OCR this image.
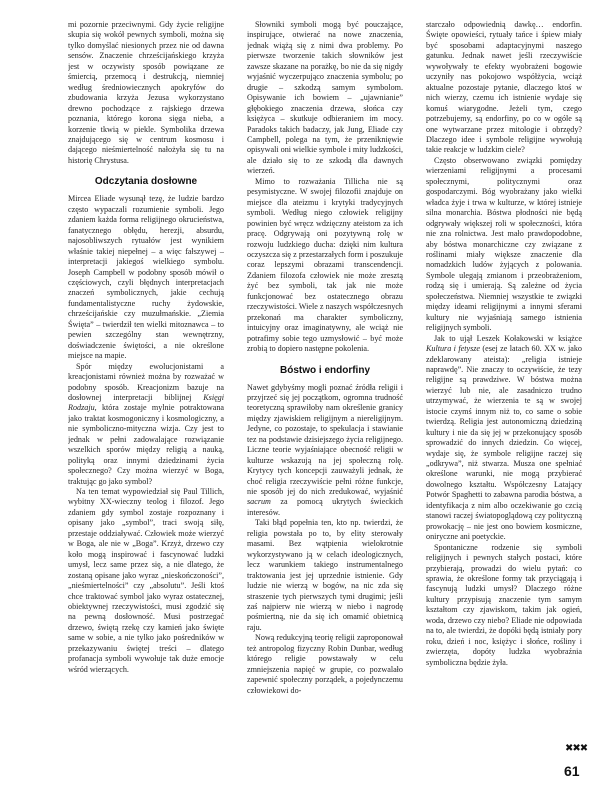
mi pozornie przeciwnymi. Gdy życie religijne skupia się wokół pewnych symboli, można się tylko domyślać niesionych przez nie od dawna sensów. Znaczenie chrześcijańskiego krzyża jest w oczywisty sposób powiązane ze śmiercią, przemocą i destrukcją, niemniej według średniowiecznych apokryfów do zbudowania krzyża Jezusa wykorzystano drewno pochodzące z rajskiego drzewa poznania, którego korona sięga nieba, a korzenie tkwią w piekle. Symbolika drzewa znajdującego się w centrum kosmosu i dającego nieśmiertelność nałożyła się tu na historię Chrystusa.

Odczytania dosłowne

Mircea Eliade wysunął tezę, że ludzie bardzo często wypaczali rozumienie symboli. Jego zdaniem każda forma religijnego okrucieństwa, fanatycznego obłędu, herezji, absurdu, najosobliwszych rytuałów jest wynikiem właśnie takiej niepełnej – a więc fałszywej – interpretacji jakiegoś wielkiego symbolu. Joseph Campbell w podobny sposób mówił o częściowych, czyli błędnych interpretacjach znaczeń symbolicznych, jakie cechują fundamentalistyczne ruchy żydowskie, chrześcijańskie czy muzułmańskie. „Ziemia Święta” – twierdził ten wielki mitoznawca – to pewien szczególny stan wewnętrzny, doświadczenie świętości, a nie określone miejsce na mapie.

Spór między ewolucjonistami a kreacjonistami również można by rozważać w podobny sposób. Kreacjonizm bazuje na dosłownej interpretacji biblijnej Księgi Rodzaju, która zostaje mylnie potraktowana jako traktat kosmogoniczny i kosmologiczny, a nie symboliczno-mityczna wizja. Czy jest to jednak w pełni zadowalające rozwiązanie wszelkich sporów między religią a nauką, polityką oraz innymi dziedzinami życia społecznego? Czy można wierzyć w Boga, traktując go jako symbol?

Na ten temat wypowiedział się Paul Tillich, wybitny XX-wieczny teolog i filozof. Jego zdaniem gdy symbol zostaje rozpoznany i opisany jako „symbol”, traci swoją siłę, przestaje oddziaływać. Człowiek może wierzyć w Boga, ale nie w „Boga”. Krzyż, drzewo czy koło mogą inspirować i fascynować ludzki umysł, lecz same przez się, a nie dlatego, że zostaną opisane jako wyraz „nieskończoności”, „nieśmiertelności” czy „absolutu”. Jeśli ktoś chce traktować symbol jako wyraz ostatecznej, obiektywnej rzeczywistości, musi zgodzić się na pewną dosłowność. Musi postrzegać drzewo, świętą rzekę czy kamień jako święte same w sobie, a nie tylko jako pośredników w przekazywaniu świętej treści – dlatego profanacja symboli wywołuje tak duże emocje wśród wierzących.

Słowniki symboli mogą być pouczające, inspirujące, otwierać na nowe znaczenia, jednak wiążą się z nimi dwa problemy. Po pierwsze tworzenie takich słowników jest zawsze skazane na porażkę, bo nie da się nigdy wyjaśnić wyczerpująco znaczenia symbolu; po drugie – szkodzą samym symbolom. Opisywanie ich bowiem – „ujawnianie” głębokiego znaczenia drzewa, słońca czy księżyca – skutkuje odbieraniem im mocy. Paradoks takich badaczy, jak Jung, Eliade czy Campbell, polega na tym, że przeniknięwie opisywali oni wielkie symbole i mity ludzkości, ale działo się to ze szkodą dla dawnych wierzeń.

Mimo to rozważania Tillicha nie są pesymistyczne. W swojej filozofii znajduje on miejsce dla ateizmu i krytyki tradycyjnych symboli. Według niego człowiek religijny powinien być wręcz wdzięczny ateistom za ich pracę. Odgrywają oni pozytywną rolę w rozwoju ludzkiego ducha: dzięki nim kultura oczyszcza się z przestarzałych form i poszukuje coraz lepszymi obrazami transcendencji. Zdaniem filozofa człowiek nie może zresztą żyć bez symboli, tak jak nie może funkcjonować bez ostatecznego obrazu rzeczywistości. Wiele z naszych współczesnych przekonań ma charakter symboliczny, intuicyjny oraz imaginatywny, ale wciąż nie potrafimy sobie tego uzmysłowić – być może zrobią to dopiero następne pokolenia.

Bóstwo i endorfiny

Nawet gdybyśmy mogli poznać źródła religii i przyjrzeć się jej początkom, ogromna trudność teoretyczną sprawiłoby nam określenie granicy między zjawiskiem religijnym a niereligijnym. Jedyne, co pozostaje, to spekulacja i stawianie tez na podstawie dzisiejszego życia religijnego. Liczne teorie wyjaśniające obecność religii w kulturze wskazują na jej społeczną rolę. Krytycy tych koncepcji zauważyli jednak, że choć religia rzeczywiście pełni różne funkcje, nie sposób jej do nich zredukować, wyjaśnić sacrum za pomocą ukrytych świeckich interesów.

Taki błąd popełnia ten, kto np. twierdzi, że religia powstała po to, by elity sterowały masami. Bez wątpienia wielokrotnie wykorzystywano ją w celach ideologicznych, lecz warunkiem takiego instrumentalnego traktowania jest jej uprzednie istnienie. Gdy ludzie nie wierzą w bogów, na nic zda się straszenie tych pierwszych tymi drugimi; jeśli zaś najpierw nie wierzą w niebo i nagrodę pośmiertną, nie da się ich omamić obietnicą raju.

Nową redukcyjną teorię religii zaproponował też antropolog fizyczny Robin Dunbar, według którego religie powstawały w celu zmniejszenia napięć w grupie, co pozwalało zapewnić społeczny porządek, a pojedynczemu człowiekowi do-

starczało odpowiednią dawkę… endorfin. Święte opowieści, rytuały tańce i śpiew miały być sposobami adaptacyjnymi naszego gatunku. Jednak nawet jeśli rzeczywiście wywoływały te efekty wyobrażeni bogowie uczyniły nas pokojowo współżycia, wciąż aktualne pozostaje pytanie, dlaczego ktoś w nich wierzy, czemu ich istnienie wydaje się komuś wiarygodne. Jeżeli tym, czego potrzebujemy, są endorfiny, po co w ogóle są one wytwarzane przez mitologie i obrzędy? Dlaczego idee i symbole religijne wywołują takie reakcje w ludzkim ciele?

Często obserwowano związki pomiędzy wierzeniami religijnymi a procesami społecznymi, politycznymi oraz gospodarczymi. Bóg wyobrażany jako wielki władca żyje i trwa w kulturze, w której istnieje silna monarchia. Bóstwa płodności nie będą odgrywały większej roli w społeczności, która nie zna rolnictwa. Jest mało prawdopodobne, aby bóstwa monarchiczne czy związane z roślinami miały większe znaczenie dla nomadzkich ludów żyjących z polowania. Symbole ulegają zmianom i przeobrażeniom, rodzą się i umierają. Są zależne od życia społeczeństwa. Niemniej wszystkie te związki między ideami religijnymi a innymi sferami kultury nie wyjaśniają samego istnienia religijnych symboli.

Jak to ujął Leszek Kołakowski w książce Kultura i fetysze (esej ze latach 60. XX w. jako zdeklarowany ateista): „religia istnieje naprawdę”. Nie znaczy to oczywiście, że tezy religijne są prawdziwe. W bóstwa można wierzyć lub nie, ale zasadniczo trudno utrzymywać, że wierzenia te są w swojej istocie czymś innym niż to, co same o sobie twierdzą. Religia jest autonomiczną dziedziną kultury i nie da się jej w przekonujący sposób sprowadzić do innych dziedzin. Co więcej, wydaje się, że symbole religijne raczej się „odkrywa”, niż stwarza. Musza one spełniać określone warunki, nie mogą przybierać dowolnego kształtu. Współczesny Latający Potwór Spaghetti to zabawna parodia bóstwa, a identyfikacja z nim albo oczekiwanie go czcią stanowi raczej światopoglądową czy polityczną prowokację – nie jest ono bowiem kosmiczne, oniryczne ani poetyckie.

Spontaniczne rodzenie się symboli religijnych i pewnych stałych postaci, które przybierają, prowadzi do wielu pytań: co sprawia, że określone formy tak przyciągają i fascynują ludzki umysł? Dlaczego różne kultury przypisują znaczenie tym samym kształtom czy zjawiskom, takim jak ogień, woda, drzewo czy niebo? Eliade nie odpowiada na to, ale twierdzi, że dopóki będą istniały pory roku, dzień i noc, księżyc i słońce, rośliny i zwierzęta, dopóty ludzka wyobraźnia symboliczna będzie żyła.

✖✖✖
61
